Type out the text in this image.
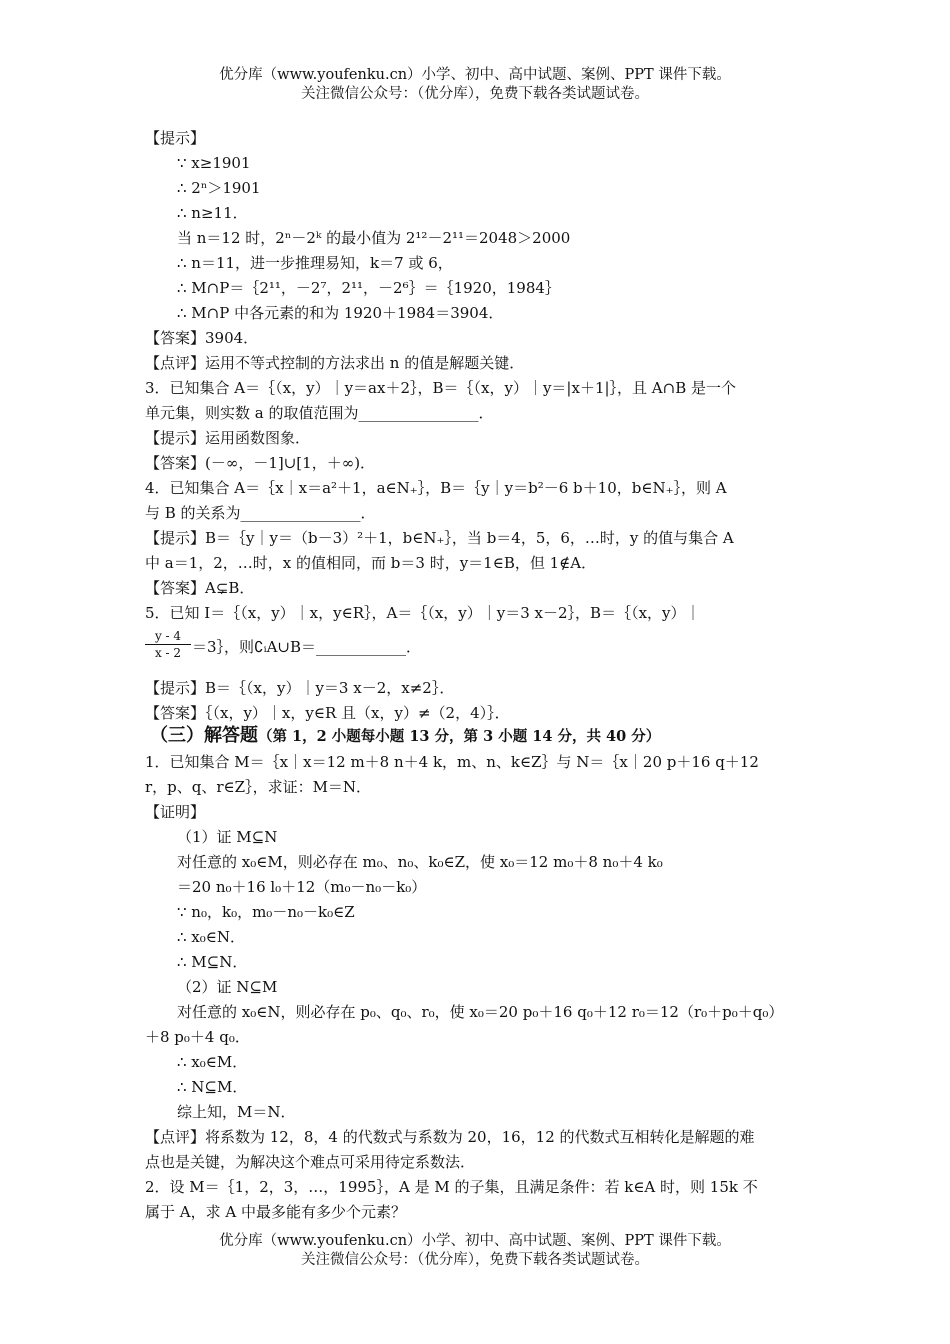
优分库（www.youfenku.cn）小学、初中、高中试题、案例、PPT 课件下载。
关注微信公众号：（优分库），免费下载各类试题试卷。
【提示】
∵ x≥1901
∴ 2ⁿ＞1901
∴ n≥11．
当 n＝12 时，2ⁿ－2ᵏ 的最小值为 2¹²－2¹¹＝2048＞2000
∴ n＝11，进一步推理易知，k＝7 或 6，
∴ M∩P＝｛2¹¹，－2⁷，2¹¹，－2⁶｝＝｛1920，1984｝
∴ M∩P 中各元素的和为 1920＋1984＝3904．
【答案】3904．
【点评】运用不等式控制的方法求出 n 的值是解题关键．
3．已知集合 A＝｛（x，y）｜y＝ax＋2｝，B＝｛（x，y）｜y＝|x＋1|｝，且 A∩B 是一个
单元集，则实数 a 的取值范围为________________．
【提示】运用函数图象．
【答案】(－∞，－1]∪[1，＋∞)．
4．已知集合 A＝｛x｜x＝a²＋1，a∈N₊｝，B＝｛y｜y＝b²－6 b＋10，b∈N₊｝，则 A
与 B 的关系为________________．
【提示】B＝｛y｜y＝（b－3）²＋1，b∈N₊｝，当 b＝4，5，6，…时，y 的值与集合 A
中 a＝1，2，…时，x 的值相同，而 b＝3 时，y＝1∈B，但 1∉A．
【答案】A⊊B．
5．已知 I＝｛（x，y）｜x，y∈R｝，A＝｛（x，y）｜y＝3 x－2｝，B＝｛（x，y）｜
$\frac{y - 4}{x - 2}$ ＝3｝，则∁ᵢA∪B＝____________．
【提示】B＝｛（x，y）｜y＝3 x－2，x≠2｝．
【答案】｛（x，y）｜x，y∈R 且（x，y）≠（2，4）｝．
（三）解答题（第 1，2 小题每小题 13 分，第 3 小题 14 分，共 40 分）
1．已知集合 M＝｛x｜x＝12 m＋8 n＋4 k，m、n、k∈Z｝与 N＝｛x｜20 p＋16 q＋12
r，p、q、r∈Z｝，求证：M＝N．
【证明】
（1）证 M⊆N
对任意的 x₀∈M，则必存在 m₀、n₀、k₀∈Z，使 x₀＝12 m₀＋8 n₀＋4 k₀
＝20 n₀＋16 l₀＋12（m₀－n₀－k₀）
∵ n₀，k₀，m₀－n₀－k₀∈Z
∴ x₀∈N．
∴ M⊆N．
（2）证 N⊆M
对任意的 x₀∈N，则必存在 p₀、q₀、r₀，使 x₀＝20 p₀＋16 q₀＋12 r₀＝12（r₀＋p₀＋q₀）
＋8 p₀＋4 q₀．
∴ x₀∈M．
∴ N⊆M．
综上知，M＝N．
【点评】将系数为 12，8，4 的代数式与系数为 20，16，12 的代数式互相转化是解题的难
点也是关键，为解决这个难点可采用待定系数法．
2．设 M＝｛1，2，3，…，1995｝，A 是 M 的子集，且满足条件：若 k∈A 时，则 15k 不
属于 A，求 A 中最多能有多少个元素？
优分库（www.youfenku.cn）小学、初中、高中试题、案例、PPT 课件下载。
关注微信公众号：（优分库），免费下载各类试题试卷。
